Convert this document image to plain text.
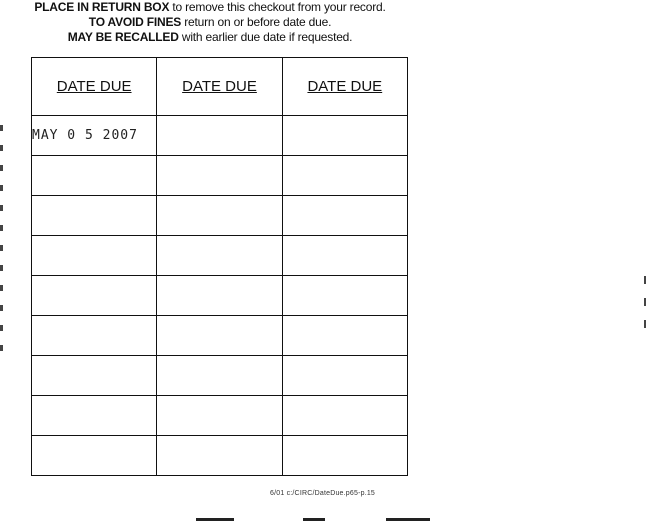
PLACE IN RETURN BOX to remove this checkout from your record.
TO AVOID FINES return on or before date due.
MAY BE RECALLED with earlier due date if requested.
DATE DUE	DATE DUE	DATE DUE
MAY 0 5 2007		

6/01 c:/CIRC/DateDue.p65-p.15
